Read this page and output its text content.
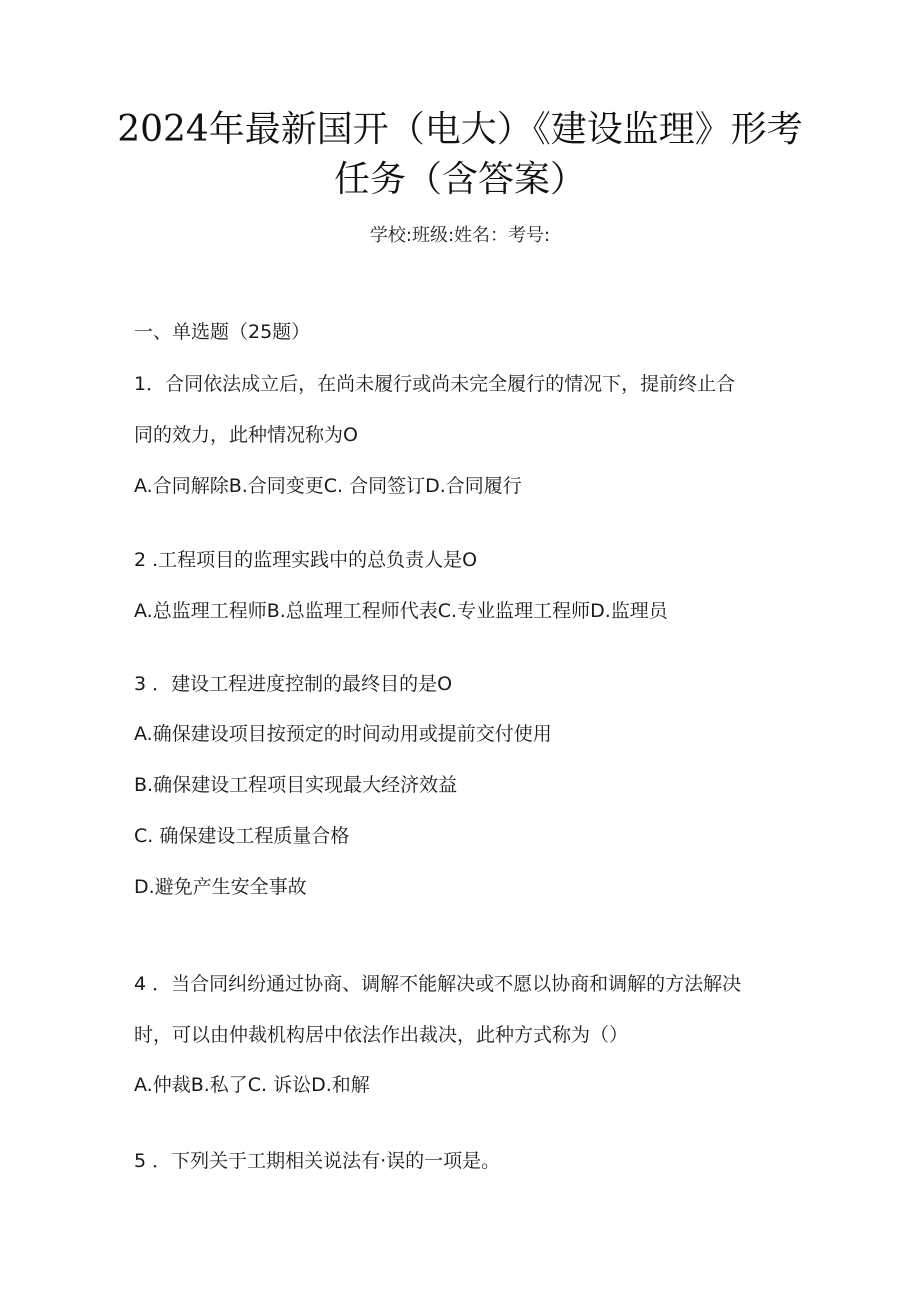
2024年最新国开（电大）《建设监理》形考
任务（含答案）
学校:班级:姓名：考号:
一、单选题（25题）
1．合同依法成立后，在尚未履行或尚未完全履行的情况下，提前终止合
同的效力，此种情况称为O
A.合同解除B.合同变更C. 合同签订D.合同履行
2 .工程项目的监理实践中的总负责人是O
A.总监理工程师B.总监理工程师代表C.专业监理工程师D.监理员
3 ．建设工程进度控制的最终目的是O
A.确保建设项目按预定的时间动用或提前交付使用
B.确保建设工程项目实现最大经济效益
C. 确保建设工程质量合格
D.避免产生安全事故
4 ．当合同纠纷通过协商、调解不能解决或不愿以协商和调解的方法解决
时，可以由仲裁机构居中依法作出裁决，此种方式称为（）
A.仲裁B.私了C. 诉讼D.和解
5 ．下列关于工期相关说法有·误的一项是。
